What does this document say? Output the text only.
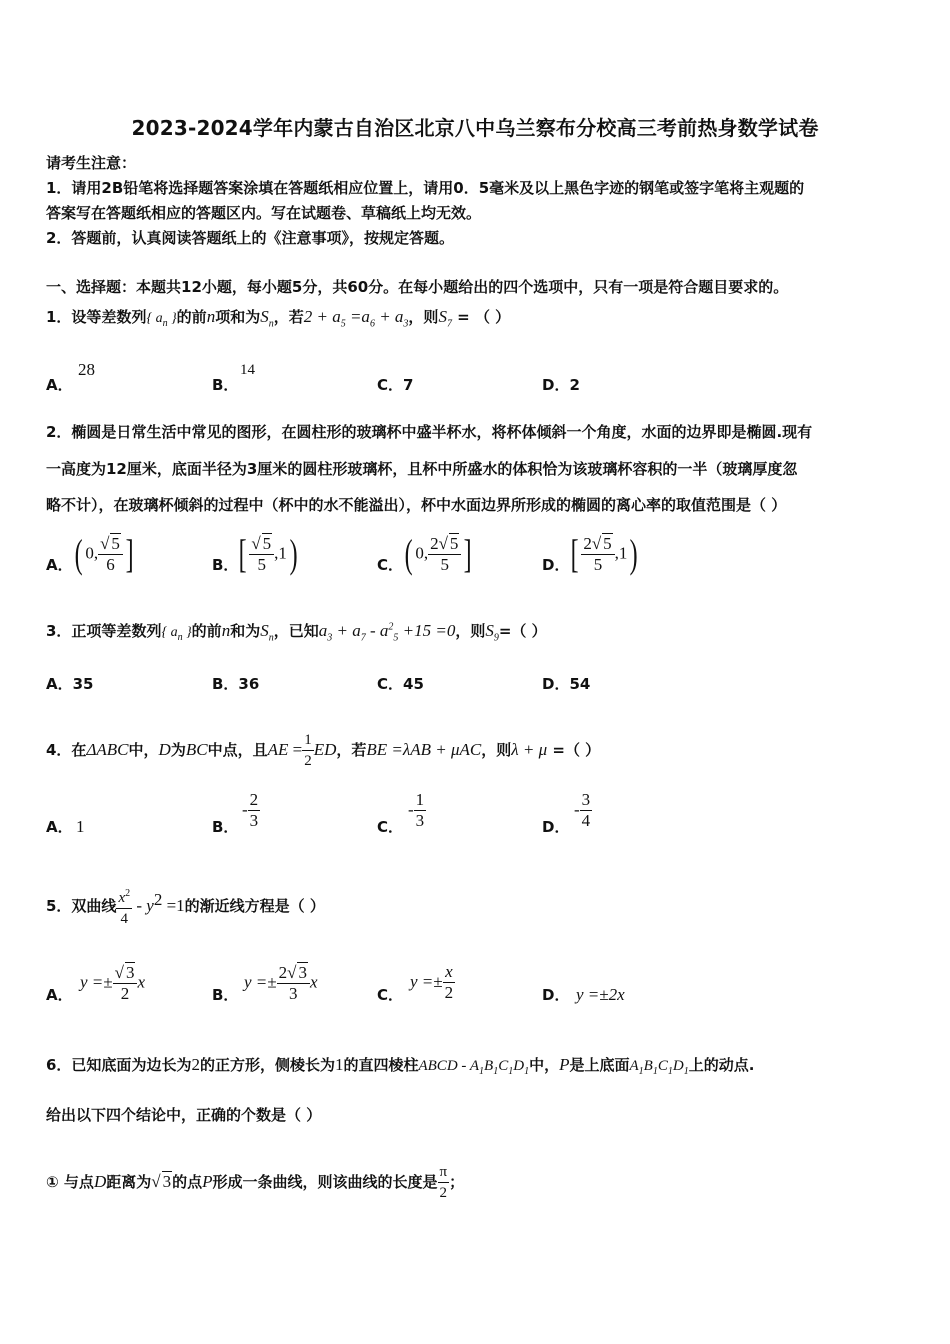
2023-2024学年内蒙古自治区北京八中乌兰察布分校高三考前热身数学试卷
请考生注意：
1．请用2B铅笔将选择题答案涂填在答题纸相应位置上，请用0．5毫米及以上黑色字迹的钢笔或签字笔将主观题的
答案写在答题纸相应的答题区内。写在试题卷、草稿纸上均无效。
2．答题前，认真阅读答题纸上的《注意事项》，按规定答题。
一、选择题：本题共12小题，每小题5分，共60分。在每小题给出的四个选项中，只有一项是符合题目要求的。
1．设等差数列{ $a_n$ }的前n项和为$S_n$，若$2 + a_5 =a_6 + a_3$，则$S_7$ = （ ）
A．
28
B．
14
C．7	D．2
2．椭圆是日常生活中常见的图形，在圆柱形的玻璃杯中盛半杯水，将杯体倾斜一个角度，水面的边界即是椭圆.现有
一高度为12厘米，底面半径为3厘米的圆柱形玻璃杯，且杯中所盛水的体积恰为该玻璃杯容积的一半（玻璃厚度忽
略不计），在玻璃杯倾斜的过程中（杯中的水不能溢出），杯中水面边界所形成的椭圆的离心率的取值范围是（ ）
A． ( 0, $\frac{√ 5}{6}$ ]	B． [ $\frac{√ 5}{5} ,1$)	C． ( 0, $\frac{2√ 5}{5}$ ]	D． [ $\frac{2√ 5}{5} ,1$)
3．正项等差数列{ $a_n$ }的前n和为$S_n$，已知$a_3 + a_7 - a^2_5 +15 =0$，则$S_9=$（ ）
A．35	B．36	C．45	D．54
4．在ΔABC中，D为BC中点，且AE = $\frac{1}{2}$ ED，若BE =λAB + μAC，则λ + μ =（ ）
A． 1	B．
- $\frac{2}{3}$	C．
- $\frac{1}{3}$	D．
- $\frac{3}{4}$
5．双曲线 $\frac{x^2}{4} - y^2 =1$的渐近线方程是（ ）
A．
$y =\pm \frac{√ 3}{2}$ x
B．
$y =\pm \frac{2√ 3}{3}$ x
C．
$y =\pm \frac{x}{2}$	D． y =±2x
6．已知底面为边长为2的正方形，侧棱长为1的直四棱柱ABCD - $A_1B_1C_1D_1$中，P是上底面$A_1B_1C_1D_1$上的动点.
给出以下四个结论中，正确的个数是（ ）
① 与点D距离为√ 3的点P形成一条曲线，则该曲线的长度是 $\frac{\pi}{2}$ ；
